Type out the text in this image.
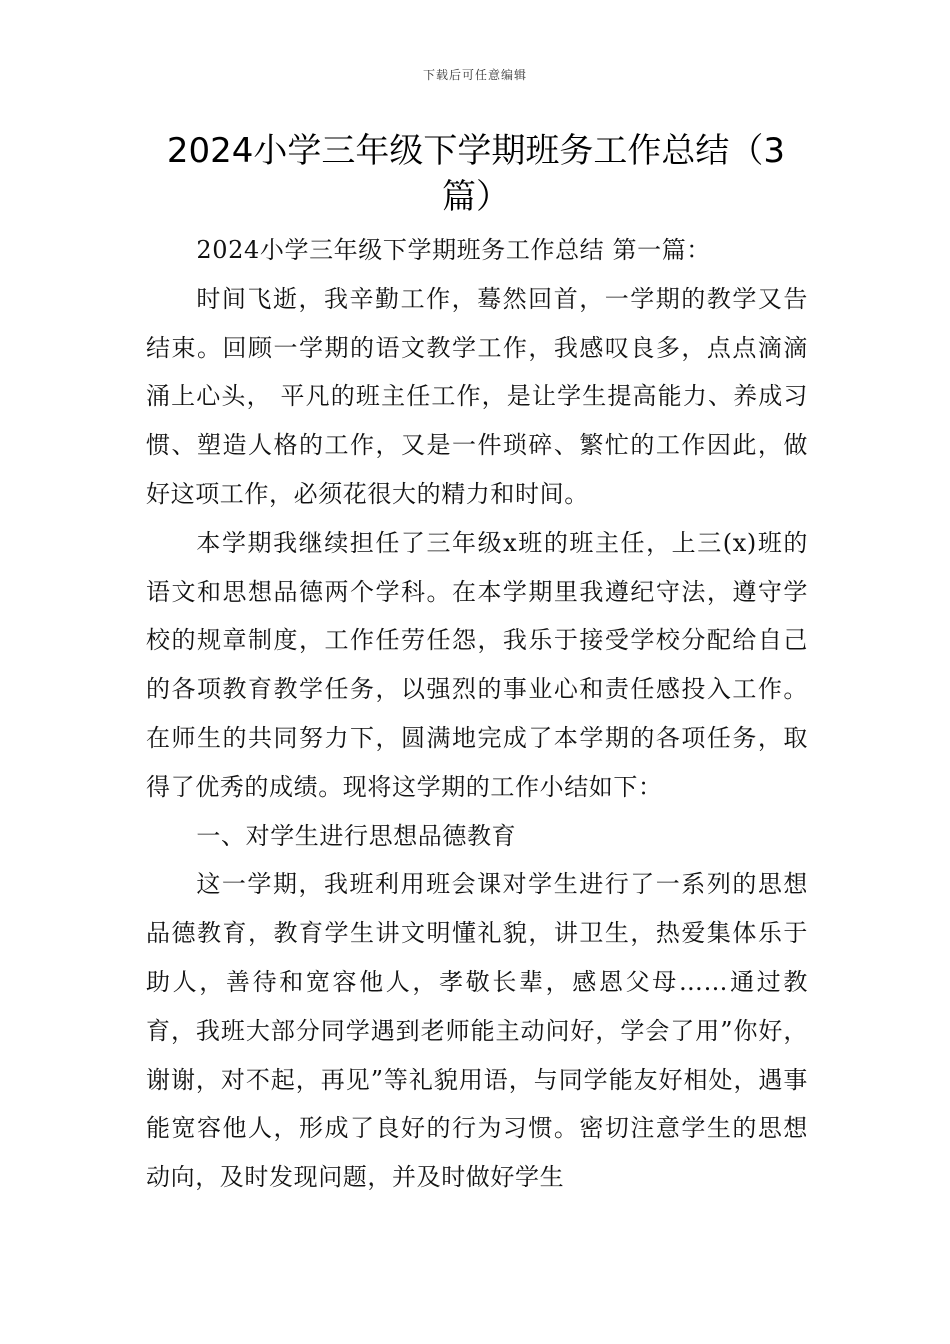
下载后可任意编辑
2024小学三年级下学期班务工作总结（3篇）

2024小学三年级下学期班务工作总结 第一篇：

时间飞逝，我辛勤工作，蓦然回首，一学期的教学又告结束。回顾一学期的语文教学工作，我感叹良多，点点滴滴涌上心头， 平凡的班主任工作，是让学生提高能力、养成习惯、塑造人格的工作，又是一件琐碎、繁忙的工作因此，做好这项工作，必须花很大的精力和时间。

本学期我继续担任了三年级x班的班主任，上三(x)班的语文和思想品德两个学科。在本学期里我遵纪守法，遵守学校的规章制度，工作任劳任怨，我乐于接受学校分配给自己的各项教育教学任务，以强烈的事业心和责任感投入工作。在师生的共同努力下，圆满地完成了本学期的各项任务，取得了优秀的成绩。现将这学期的工作小结如下：

一、对学生进行思想品德教育

这一学期，我班利用班会课对学生进行了一系列的思想品德教育，教育学生讲文明懂礼貌，讲卫生，热爱集体乐于助人，善待和宽容他人，孝敬长辈，感恩父母……通过教育，我班大部分同学遇到老师能主动问好，学会了用”你好，谢谢，对不起，再见”等礼貌用语，与同学能友好相处，遇事能宽容他人，形成了良好的行为习惯。密切注意学生的思想动向，及时发现问题，并及时做好学生
